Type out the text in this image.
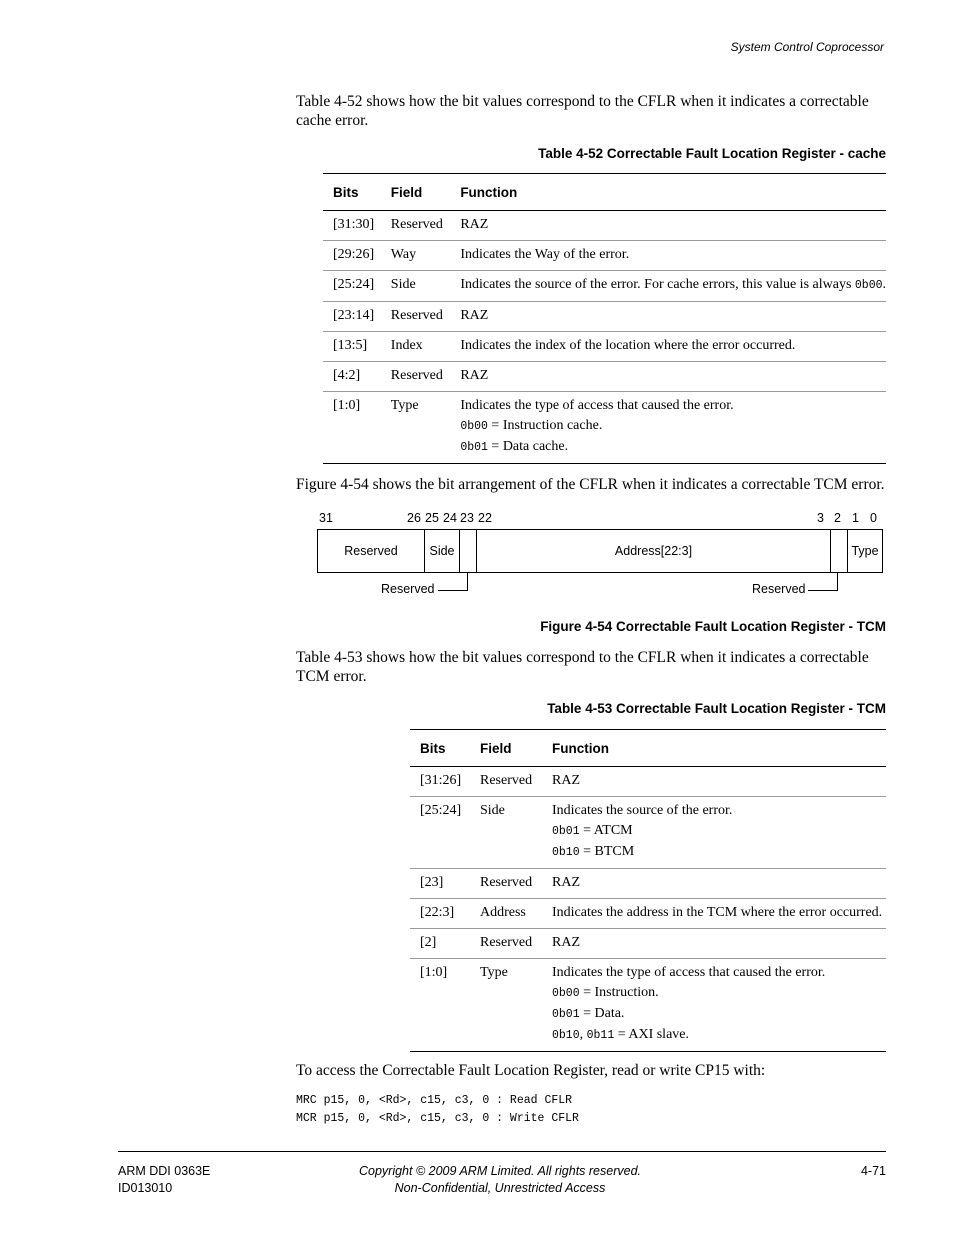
System Control Coprocessor
Table 4-52 shows how the bit values correspond to the CFLR when it indicates a correctable cache error.
Table 4-52 Correctable Fault Location Register - cache
Bits	Field	Function
[31:30]	Reserved	RAZ
[29:26]	Way	Indicates the Way of the error.
[25:24]	Side	Indicates the source of the error. For cache errors, this value is always 0b00.
[23:14]	Reserved	RAZ
[13:5]	Index	Indicates the index of the location where the error occurred.
[4:2]	Reserved	RAZ
[1:0]	Type	Indicates the type of access that caused the error.
0b00 = Instruction cache.
0b01 = Data cache.
Figure 4-54 shows the bit arrangement of the CFLR when it indicates a correctable TCM error.
31	26 25 24 23 22	3 2 1 0
Reserved	Side	Address[22:3]	Type
Reserved	Reserved
Figure 4-54 Correctable Fault Location Register - TCM
Table 4-53 shows how the bit values correspond to the CFLR when it indicates a correctable TCM error.
Table 4-53 Correctable Fault Location Register - TCM
Bits	Field	Function
[31:26]	Reserved	RAZ
[25:24]	Side	Indicates the source of the error.
0b01 = ATCM
0b10 = BTCM

[23]	Reserved	RAZ
[22:3]	Address	Indicates the address in the TCM where the error occurred.
[2]	Reserved	RAZ
[1:0]	Type	Indicates the type of access that caused the error.
0b00 = Instruction.
0b01 = Data.
0b10, 0b11 = AXI slave.
To access the Correctable Fault Location Register, read or write CP15 with:
MRC p15, 0, <Rd>, c15, c3, 0 : Read CFLR
MCR p15, 0, <Rd>, c15, c3, 0 : Write CFLR
ARM DDI 0363E
ID013010
Copyright © 2009 ARM Limited. All rights reserved.
Non-Confidential, Unrestricted Access
4-71
